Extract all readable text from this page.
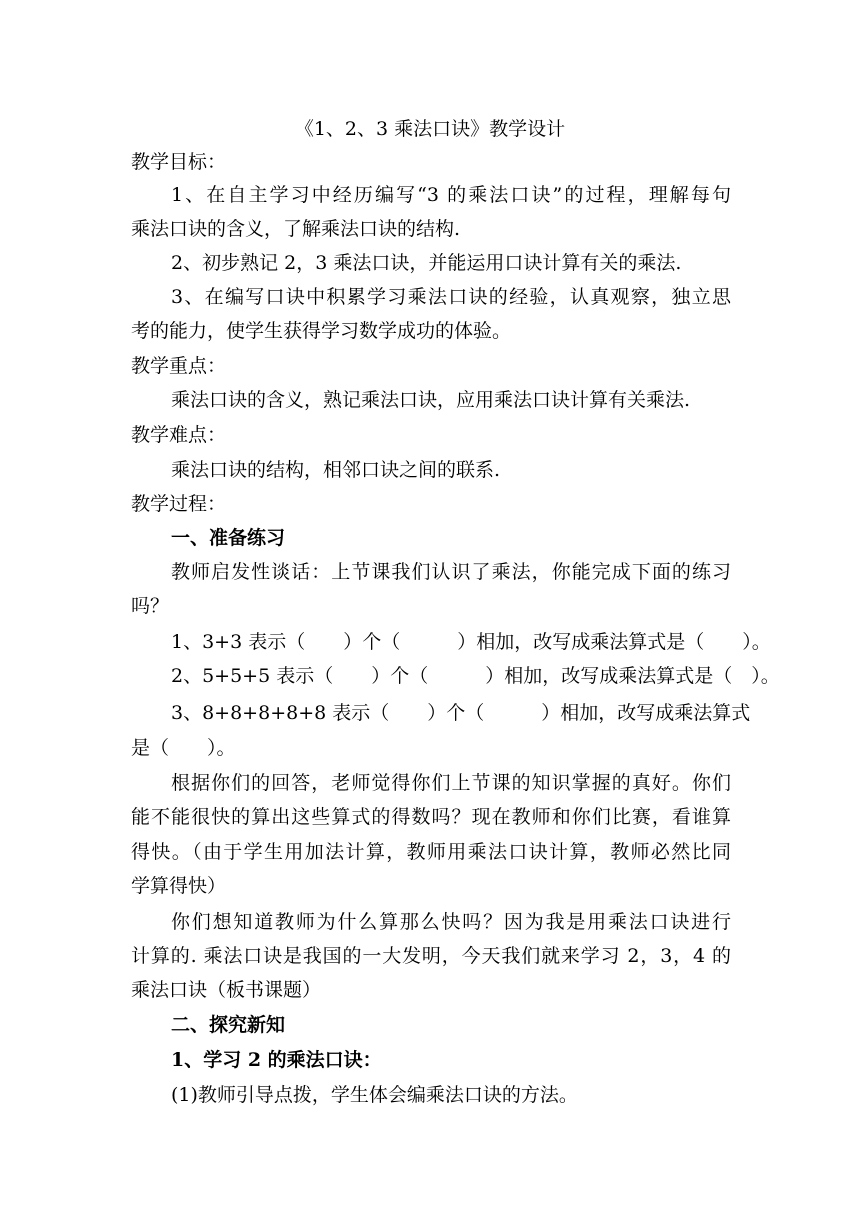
《1、2、3 乘法口诀》教学设计
教学目标：
1、在自主学习中经历编写“3 的乘法口诀”的过程，理解每句
乘法口诀的含义，了解乘法口诀的结构.
2、初步熟记 2，3 乘法口诀，并能运用口诀计算有关的乘法.
3、在编写口诀中积累学习乘法口诀的经验，认真观察，独立思
考的能力，使学生获得学习数学成功的体验。
教学重点：
乘法口诀的含义，熟记乘法口诀，应用乘法口诀计算有关乘法.
教学难点：
乘法口诀的结构，相邻口诀之间的联系.
教学过程：
一、准备练习
教师启发性谈话：上节课我们认识了乘法，你能完成下面的练习
吗？
1、3+3 表示（　　）个（　　　）相加，改写成乘法算式是（　　）。
2、5+5+5 表示（　　）个（　　　）相加，改写成乘法算式是（　）。
3、8+8+8+8+8 表示（　　）个（　　　）相加，改写成乘法算式
是（　　）。
根据你们的回答，老师觉得你们上节课的知识掌握的真好。你们
能不能很快的算出这些算式的得数吗？现在教师和你们比赛，看谁算
得快。（由于学生用加法计算，教师用乘法口诀计算，教师必然比同
学算得快）
你们想知道教师为什么算那么快吗？因为我是用乘法口诀进行
计算的. 乘法口诀是我国的一大发明，今天我们就来学习 2，3，4 的
乘法口诀（板书课题）
二、探究新知
1、学习 2 的乘法口诀：
(1)教师引导点拨，学生体会编乘法口诀的方法。
